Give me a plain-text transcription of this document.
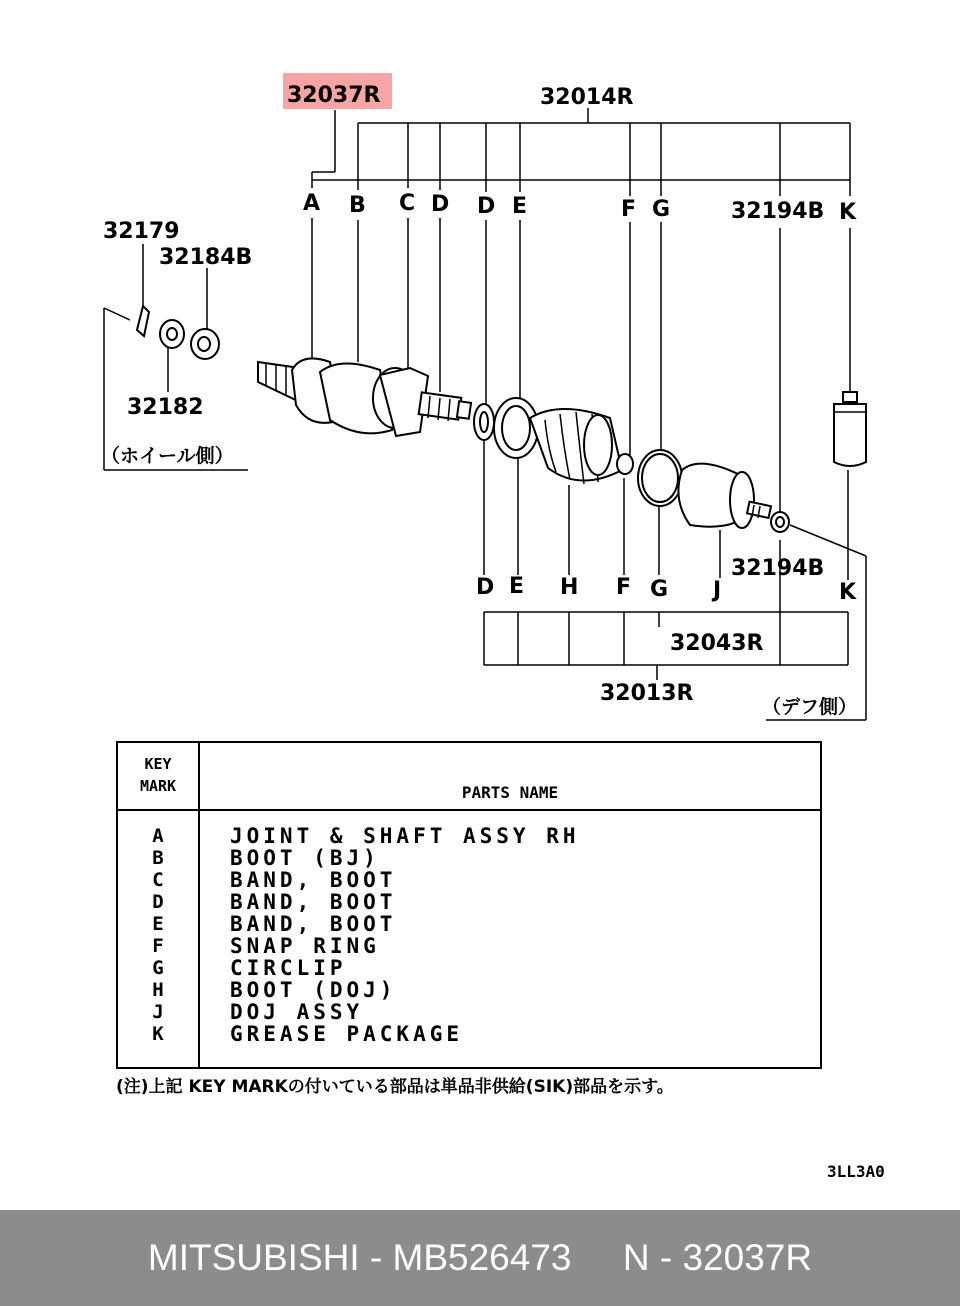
32037R	32014R
32179
32184B
32182
32194B
32194B
32043R
32013R
A B C D D E	F G	K
D E H F G J	K
（ホイール側）
（デフ側）
KEY
MARK	PARTS NAME
A	JOINT & SHAFT ASSY RH
B	BOOT (BJ)
C	BAND, BOOT
D	BAND, BOOT
E	BAND, BOOT
F	SNAP RING
G	CIRCLIP
H	BOOT (DOJ)
J	DOJ ASSY
K	GREASE PACKAGE
(注)上記 KEY MARKの付いている部品は単品非供給(SIK)部品を示す。
3LL3A0
MITSUBISHI - MB526473     N - 32037R
